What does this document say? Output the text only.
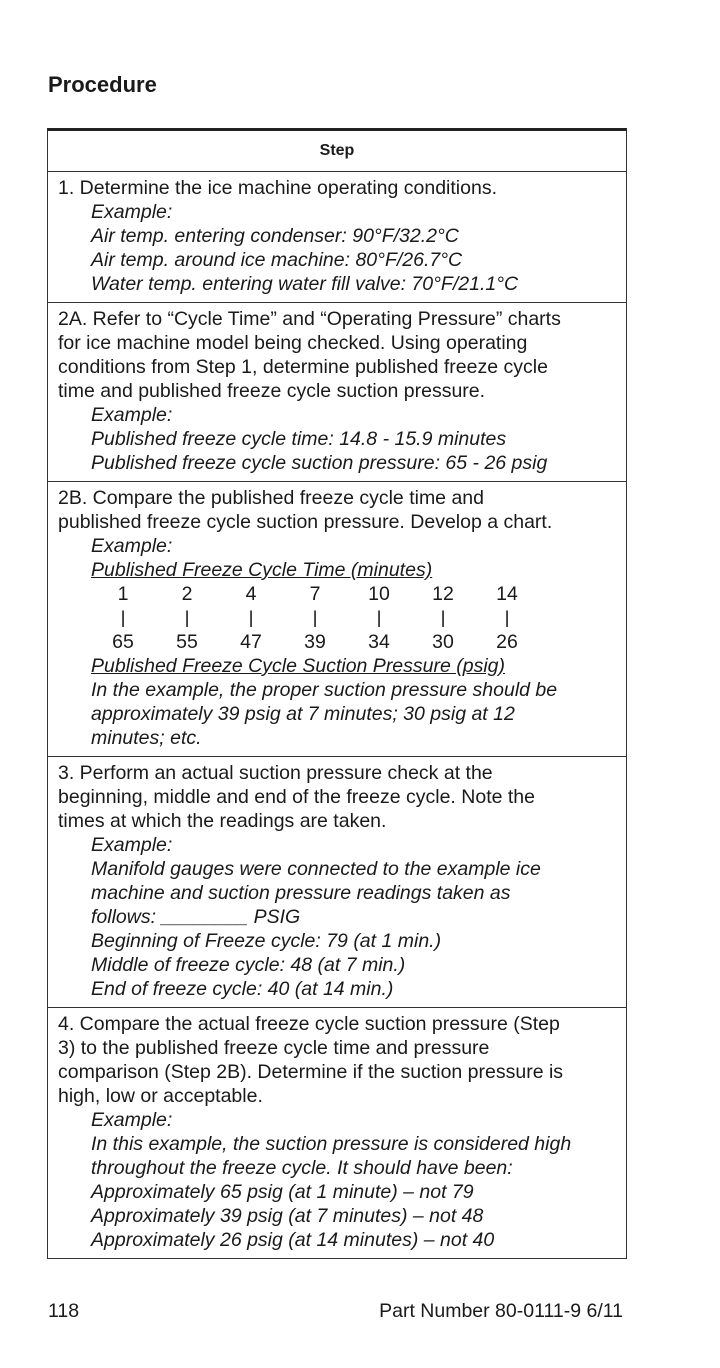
Procedure
Step
1. Determine the ice machine operating conditions.
Example:
Air temp. entering condenser: 90°F/32.2°C
Air temp. around ice machine: 80°F/26.7°C
Water temp. entering water fill valve: 70°F/21.1°C
2A. Refer to “Cycle Time” and “Operating Pressure” charts
for ice machine model being checked. Using operating
conditions from Step 1, determine published freeze cycle
time and published freeze cycle suction pressure.
Example:
Published freeze cycle time: 14.8 - 15.9 minutes
Published freeze cycle suction pressure: 65 - 26 psig
2B. Compare the published freeze cycle time and
published freeze cycle suction pressure. Develop a chart.
Example:
Published Freeze Cycle Time (minutes)
1	2	4	7	10	12	14
|	|	|	|	|	|	|
65	55	47	39	34	30	26
Published Freeze Cycle Suction Pressure (psig)
In the example, the proper suction pressure should be
approximately 39 psig at 7 minutes; 30 psig at 12
minutes; etc.
3. Perform an actual suction pressure check at the
beginning, middle and end of the freeze cycle. Note the
times at which the readings are taken.
Example:
Manifold gauges were connected to the example ice
machine and suction pressure readings taken as
follows: ________ PSIG
Beginning of Freeze cycle: 79 (at 1 min.)
Middle of freeze cycle: 48 (at 7 min.)
End of freeze cycle: 40 (at 14 min.)
4. Compare the actual freeze cycle suction pressure (Step
3) to the published freeze cycle time and pressure
comparison (Step 2B). Determine if the suction pressure is
high, low or acceptable.
Example:
In this example, the suction pressure is considered high
throughout the freeze cycle. It should have been:
Approximately 65 psig (at 1 minute) – not 79
Approximately 39 psig (at 7 minutes) – not 48
Approximately 26 psig (at 14 minutes) – not 40
118	Part Number 80-0111-9 6/11
